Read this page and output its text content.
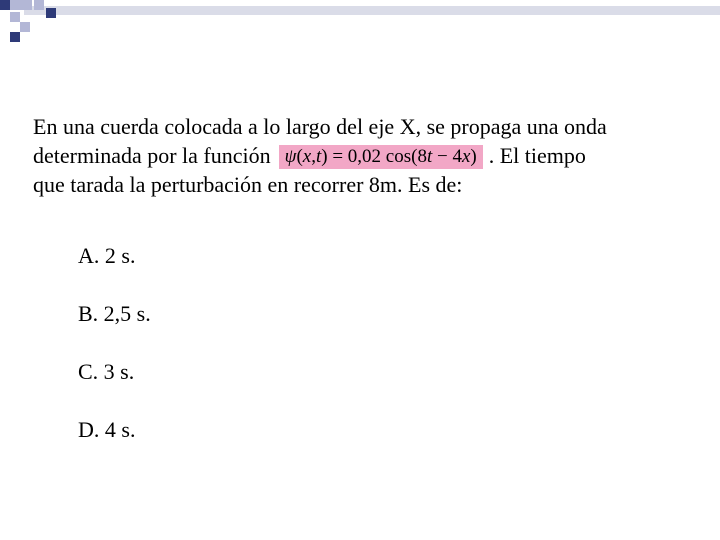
En una cuerda colocada a lo largo del eje X, se propaga una onda
determinada por la función ψ(x,t) = 0,02 cos(8t − 4x) . El tiempo
que tarada la perturbación en recorrer 8m. Es de:
A. 2 s.
B. 2,5 s.
C. 3 s.
D. 4 s.
